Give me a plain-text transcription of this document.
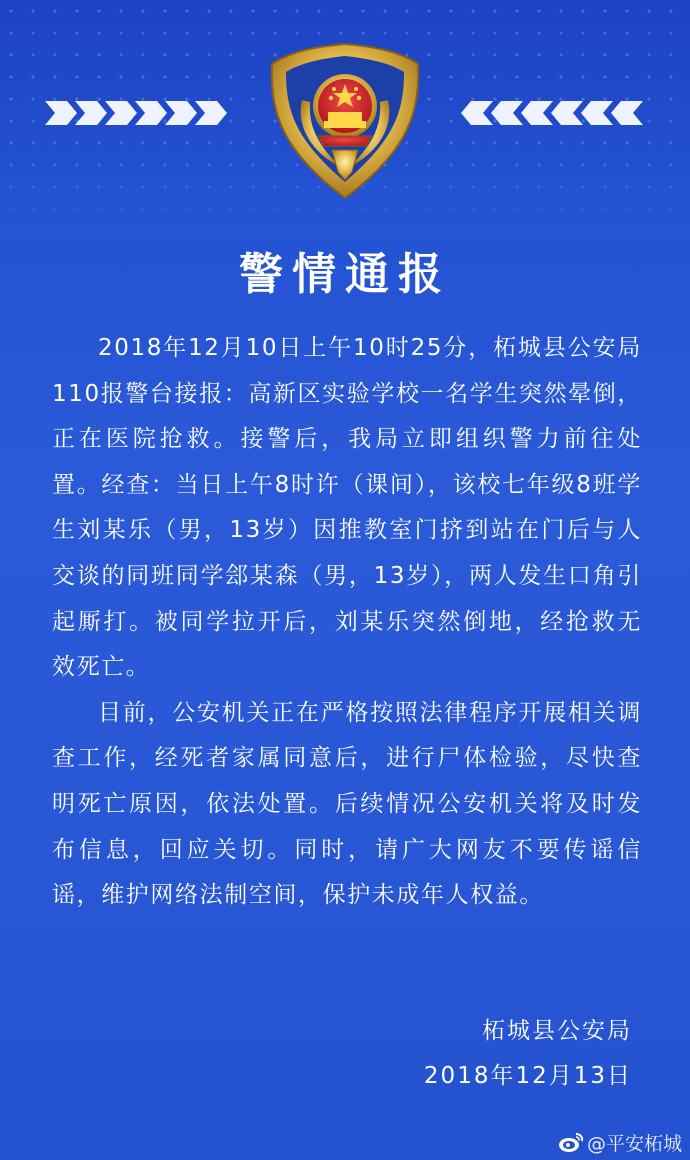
警情通报

2018年12月10日上午10时25分，柘城县公安局110报警台接报：高新区实验学校一名学生突然晕倒，正在医院抢救。接警后，我局立即组织警力前往处置。经查：当日上午8时许（课间），该校七年级8班学生刘某乐（男，13岁）因推教室门挤到站在门后与人交谈的同班同学郐某森（男，13岁），两人发生口角引起厮打。被同学拉开后，刘某乐突然倒地，经抢救无效死亡。

目前，公安机关正在严格按照法律程序开展相关调查工作，经死者家属同意后，进行尸体检验，尽快查明死亡原因，依法处置。后续情况公安机关将及时发布信息，回应关切。同时，请广大网友不要传谣信谣，维护网络法制空间，保护未成年人权益。

柘城县公安局
2018年12月13日
@平安柘城
